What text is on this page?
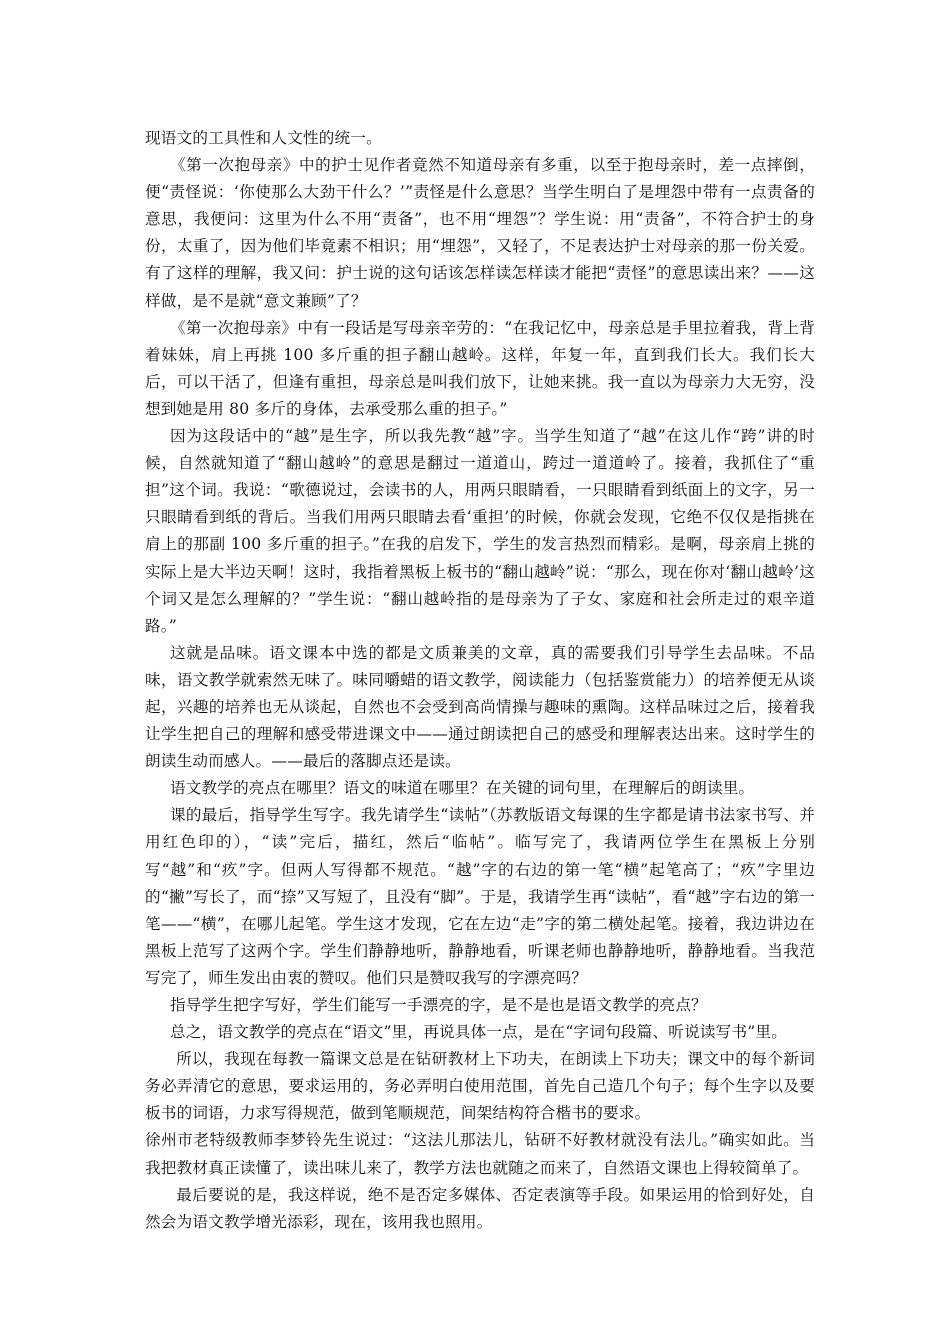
现语文的工具性和人文性的统一。

《第一次抱母亲》中的护士见作者竟然不知道母亲有多重，以至于抱母亲时，差一点摔倒，便“责怪说：‘你使那么大劲干什么？’”责怪是什么意思？当学生明白了是埋怨中带有一点责备的意思，我便问：这里为什么不用“责备”，也不用“埋怨”？学生说：用“责备”，不符合护士的身份，太重了，因为他们毕竟素不相识；用“埋怨”，又轻了，不足表达护士对母亲的那一份关爱。有了这样的理解，我又问：护士说的这句话该怎样读怎样读才能把“责怪”的意思读出来？——这样做，是不是就“意文兼顾”了？

《第一次抱母亲》中有一段话是写母亲辛劳的：“在我记忆中，母亲总是手里拉着我，背上背着妹妹，肩上再挑 100 多斤重的担子翻山越岭。这样，年复一年，直到我们长大。我们长大后，可以干活了，但逢有重担，母亲总是叫我们放下，让她来挑。我一直以为母亲力大无穷，没想到她是用 80 多斤的身体，去承受那么重的担子。”

因为这段话中的“越”是生字，所以我先教“越”字。当学生知道了“越”在这儿作“跨”讲的时候，自然就知道了“翻山越岭”的意思是翻过一道道山，跨过一道道岭了。接着，我抓住了“重担”这个词。我说：“歌德说过，会读书的人，用两只眼睛看，一只眼睛看到纸面上的文字，另一只眼睛看到纸的背后。当我们用两只眼睛去看‘重担’的时候，你就会发现，它绝不仅仅是指挑在肩上的那副 100 多斤重的担子。”在我的启发下，学生的发言热烈而精彩。是啊，母亲肩上挑的实际上是大半边天啊！这时，我指着黑板上板书的“翻山越岭”说：“那么，现在你对‘翻山越岭’这个词又是怎么理解的？”学生说：“翻山越岭指的是母亲为了子女、家庭和社会所走过的艰辛道路。”

这就是品味。语文课本中选的都是文质兼美的文章，真的需要我们引导学生去品味。不品味，语文教学就索然无味了。味同嚼蜡的语文教学，阅读能力（包括鉴赏能力）的培养便无从谈起，兴趣的培养也无从谈起，自然也不会受到高尚情操与趣味的熏陶。这样品味过之后，接着我让学生把自己的理解和感受带进课文中——通过朗读把自己的感受和理解表达出来。这时学生的朗读生动而感人。——最后的落脚点还是读。

语文教学的亮点在哪里？语文的味道在哪里？在关键的词句里，在理解后的朗读里。

课的最后，指导学生写字。我先请学生“读帖”（苏教版语文每课的生字都是请书法家书写、并用红色印的），“读”完后，描红，然后“临帖”。临写完了，我请两位学生在黑板上分别写“越”和“疚”字。但两人写得都不规范。“越”字的右边的第一笔“横”起笔高了；“疚”字里边的“撇”写长了，而“捺”又写短了，且没有“脚”。于是，我请学生再“读帖”，看“越”字右边的第一笔——“横”，在哪儿起笔。学生这才发现，它在左边“走”字的第二横处起笔。接着，我边讲边在黑板上范写了这两个字。学生们静静地听，静静地看，听课老师也静静地听，静静地看。当我范写完了，师生发出由衷的赞叹。他们只是赞叹我写的字漂亮吗？

指导学生把字写好，学生们能写一手漂亮的字，是不是也是语文教学的亮点？

总之，语文教学的亮点在“语文”里，再说具体一点，是在“字词句段篇、听说读写书”里。

所以，我现在每教一篇课文总是在钻研教材上下功夫，在朗读上下功夫；课文中的每个新词务必弄清它的意思，要求运用的，务必弄明白使用范围，首先自己造几个句子；每个生字以及要板书的词语，力求写得规范，做到笔顺规范，间架结构符合楷书的要求。

徐州市老特级教师李梦铃先生说过：“这法儿那法儿，钻研不好教材就没有法儿。”确实如此。当我把教材真正读懂了，读出味儿来了，教学方法也就随之而来了，自然语文课也上得较简单了。

最后要说的是，我这样说，绝不是否定多媒体、否定表演等手段。如果运用的恰到好处，自然会为语文教学增光添彩，现在，该用我也照用。
